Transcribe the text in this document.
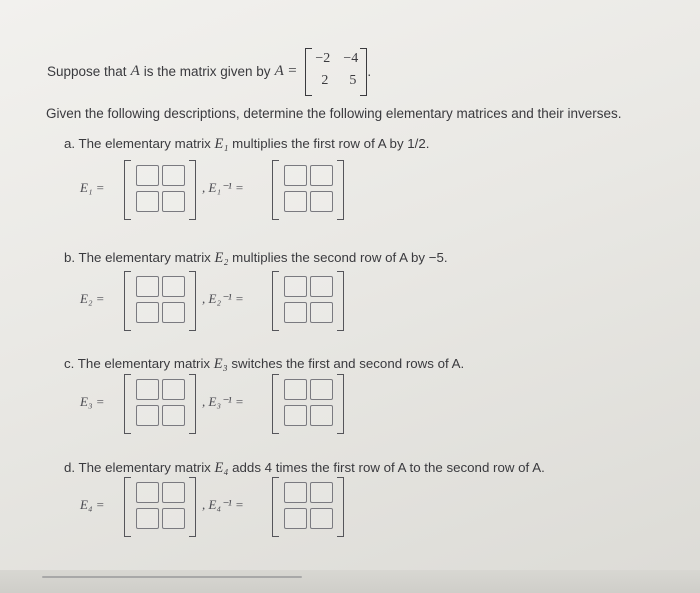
Suppose that A is the matrix given by A =
−2 −4
2 5
.
Given the following descriptions, determine the following elementary matrices and their inverses.
a. The elementary matrix E₁ multiplies the first row of A by 1/2.
E₁ =	, E₁⁻¹ =
b. The elementary matrix E₂ multiplies the second row of A by −5.
E₂ =	, E₂⁻¹ =
c. The elementary matrix E₃ switches the first and second rows of A.
E₃ =	, E₃⁻¹ =
d. The elementary matrix E₄ adds 4 times the first row of A to the second row of A.
E₄ =	, E₄⁻¹ =
